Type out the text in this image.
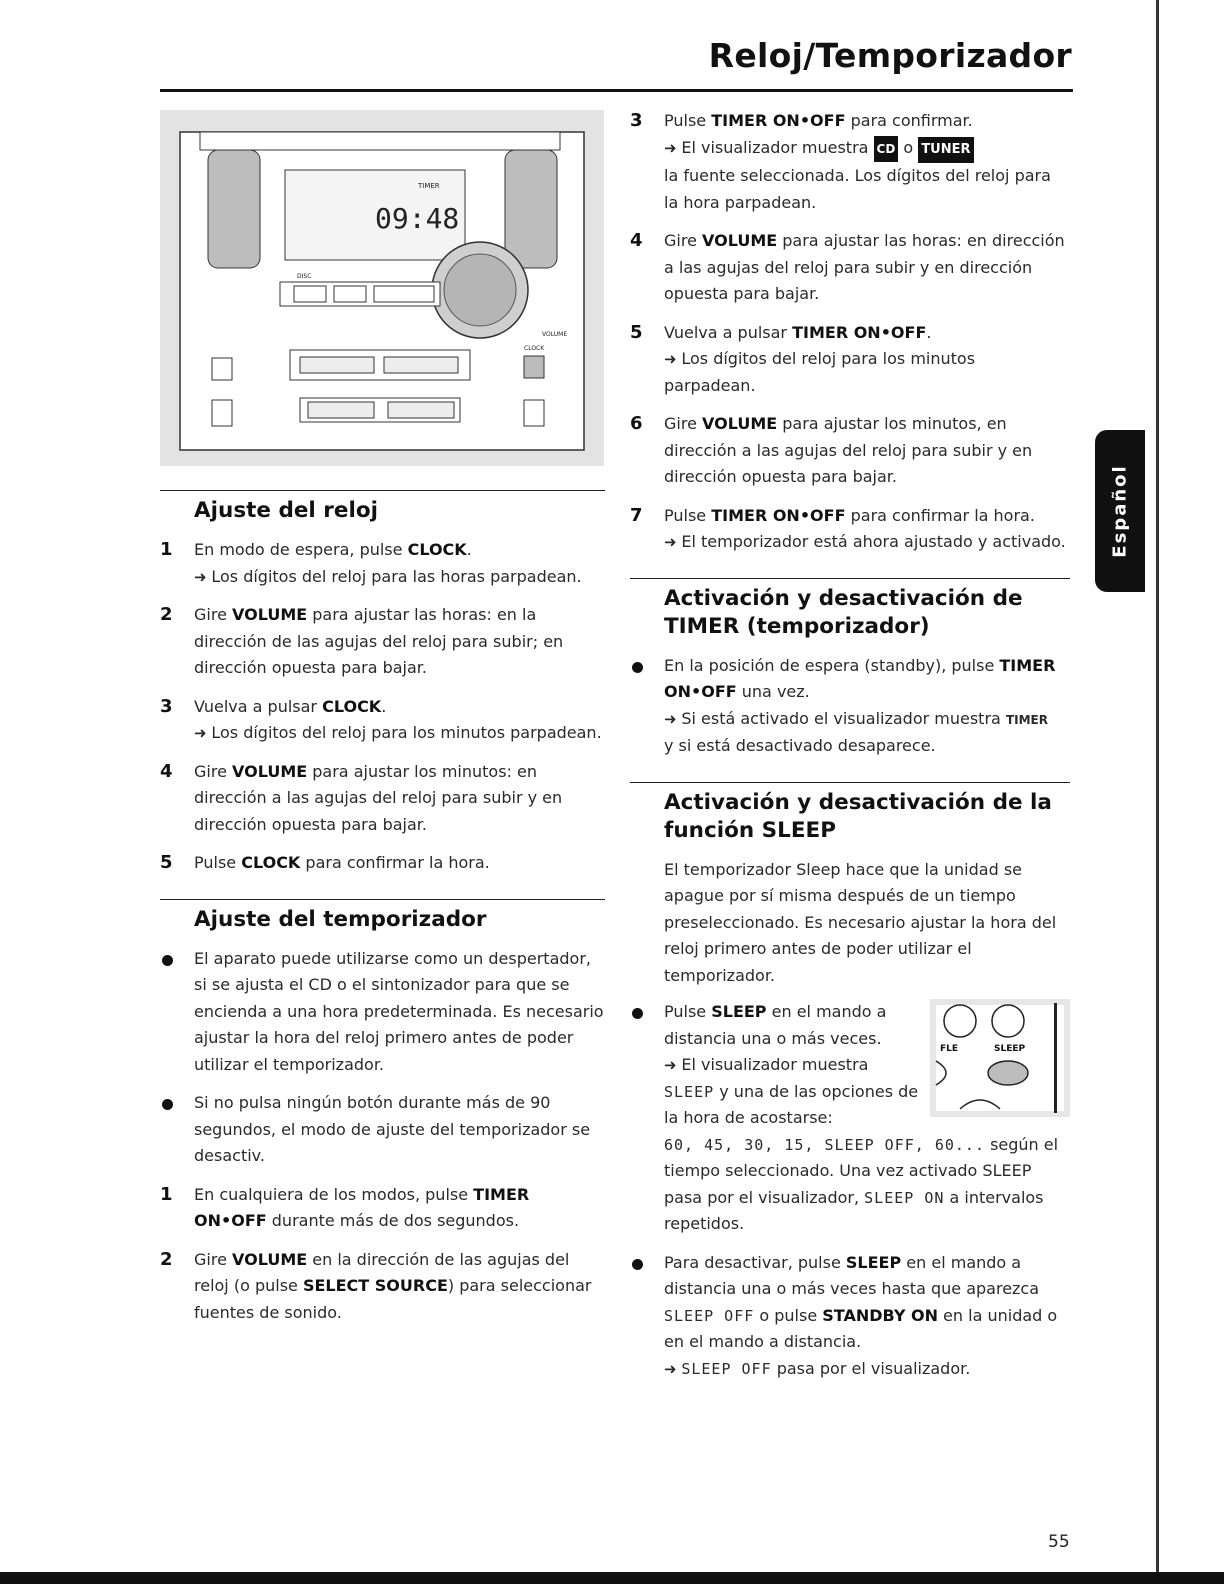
Reloj/Temporizador
09:48
TIMER
VOLUME
DISC
CLOCK
Ajuste del reloj
1 En modo de espera, pulse CLOCK.
➜ Los dígitos del reloj para las horas parpadean.
2 Gire VOLUME para ajustar las horas: en la dirección de las agujas del reloj para subir; en dirección opuesta para bajar.
3 Vuelva a pulsar CLOCK.
➜ Los dígitos del reloj para los minutos parpadean.
4 Gire VOLUME para ajustar los minutos: en dirección a las agujas del reloj para subir y en dirección opuesta para bajar.
5 Pulse CLOCK para confirmar la hora.
Ajuste del temporizador
El aparato puede utilizarse como un despertador, si se ajusta el CD o el sintonizador para que se encienda a una hora predeterminada. Es necesario ajustar la hora del reloj primero antes de poder utilizar el temporizador.
Si no pulsa ningún botón durante más de 90 segundos, el modo de ajuste del temporizador se desactiv.
1 En cualquiera de los modos, pulse TIMER ON•OFF durante más de dos segundos.
2 Gire VOLUME en la dirección de las agujas del reloj (o pulse SELECT SOURCE) para seleccionar fuentes de sonido.
3 Pulse TIMER ON•OFF para confirmar.
➜ El visualizador muestra CD o TUNER
la fuente seleccionada. Los dígitos del reloj para la hora parpadean.
4 Gire VOLUME para ajustar las horas: en dirección a las agujas del reloj para subir y en dirección opuesta para bajar.
5 Vuelva a pulsar TIMER ON•OFF.
➜ Los dígitos del reloj para los minutos parpadean.
6 Gire VOLUME para ajustar los minutos, en dirección a las agujas del reloj para subir y en dirección opuesta para bajar.
7 Pulse TIMER ON•OFF para confirmar la hora.
➜ El temporizador está ahora ajustado y activado.
Activación y desactivación de TIMER (temporizador)
En la posición de espera (standby), pulse TIMER ON•OFF una vez.
➜ Si está activado el visualizador muestra TIMER
y si está desactivado desaparece.
Activación y desactivación de la función SLEEP
El temporizador Sleep hace que la unidad se apague por sí misma después de un tiempo preseleccionado. Es necesario ajustar la hora del reloj primero antes de poder utilizar el temporizador.
FLE	SLEEP
Pulse SLEEP en el mando a distancia una o más veces.
➜ El visualizador muestra
SLEEP y una de las opciones de la hora de acostarse:
60, 45, 30, 15, SLEEP OFF, 60... según el tiempo seleccionado. Una vez activado SLEEP pasa por el visualizador, SLEEP ON a intervalos repetidos.
Para desactivar, pulse SLEEP en el mando a distancia una o más veces hasta que aparezca SLEEP OFF o pulse STANDBY ON en la unidad o en el mando a distancia.
➜ SLEEP OFF pasa por el visualizador.
Español
55
